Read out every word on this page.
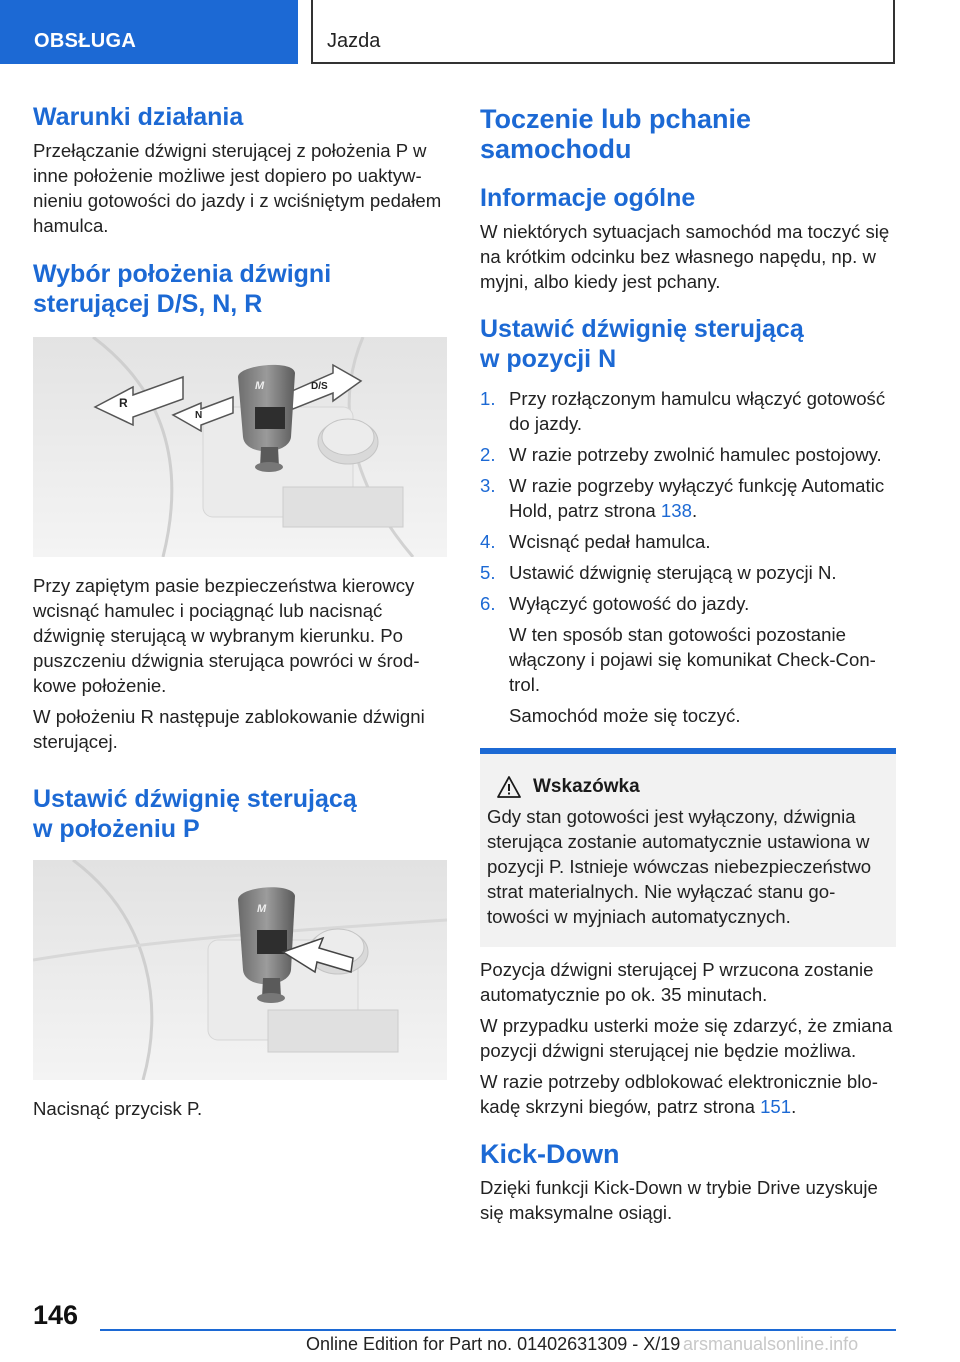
OBSŁUGA	Jazda
Warunki działania

Przełączanie dźwigni sterującej z położenia P w inne położenie możliwe jest dopiero po uaktywnieniu gotowości do jazdy i z wciśniętym pedałem hamulca.

Wybór położenia dźwigni sterującej D/S, N, R
R
N
D/S
M

Przy zapiętym pasie bezpieczeństwa kierowcy wcisnąć hamulec i pociągnąć lub nacisnąć dźwignię sterującą w wybranym kierunku. Po puszczeniu dźwignia sterująca powróci w środkowe położenie.

W położeniu R następuje zablokowanie dźwigni sterującej.

Ustawić dźwignię sterującą
w położeniu P
M

Nacisnąć przycisk P.

Toczenie lub pchanie
samochodu
Informacje ogólne

W niektórych sytuacjach samochód ma toczyć się na krótkim odcinku bez własnego napędu, np. w myjni, albo kiedy jest pchany.

Ustawić dźwignię sterującą
w pozycji N
1. Przy rozłączonym hamulcu włączyć gotowość do jazdy.
2. W razie potrzeby zwolnić hamulec postojowy.
3. W razie pogrzeby wyłączyć funkcję Automatic Hold, patrz strona 138.
4. Wcisnąć pedał hamulca.
5. Ustawić dźwignię sterującą w pozycji N.
6. Wyłączyć gotowość do jazdy.

W ten sposób stan gotowości pozostanie włączony i pojawi się komunikat Check-Control.

Samochód może się toczyć.

Wskazówka

Gdy stan gotowości jest wyłączony, dźwignia sterująca zostanie automatycznie ustawiona w pozycji P. Istnieje wówczas niebezpieczeństwo strat materialnych. Nie wyłączać stanu gotowości w myjniach automatycznych.

Pozycja dźwigni sterującej P wrzucona zostanie automatycznie po ok. 35 minutach.

W przypadku usterki może się zdarzyć, że zmiana pozycji dźwigni sterującej nie będzie możliwa.

W razie potrzeby odblokować elektronicznie blokadę skrzyni biegów, patrz strona 151.

Kick-Down

Dzięki funkcji Kick-Down w trybie Drive uzyskuje się maksymalne osiągi.

146
Online Edition for Part no. 01402631309 - X/19 arsmanualsonline.info
